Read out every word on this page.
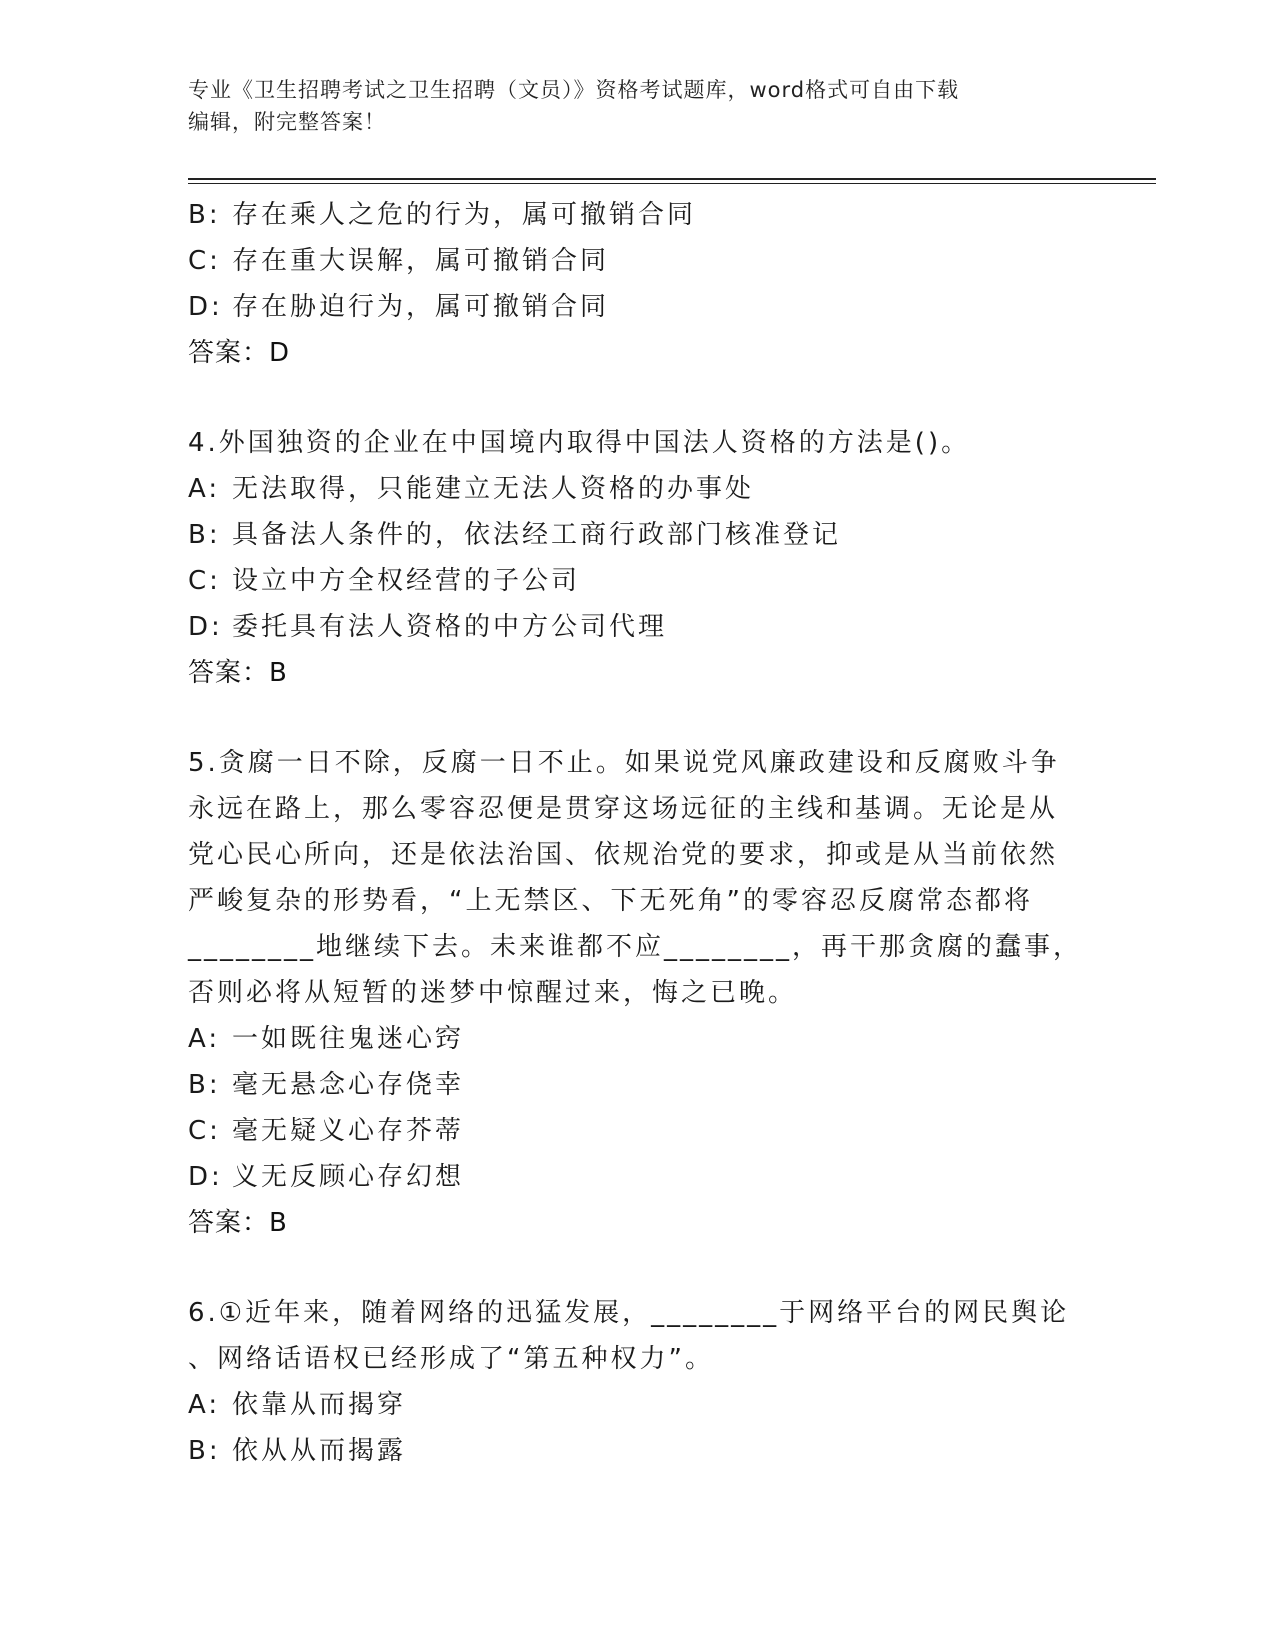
专业《卫生招聘考试之卫生招聘（文员）》资格考试题库，word格式可自由下载
编辑，附完整答案！
B: 存在乘人之危的行为，属可撤销合同
C: 存在重大误解，属可撤销合同
D: 存在胁迫行为，属可撤销合同
答案：D
4.外国独资的企业在中国境内取得中国法人资格的方法是()。
A: 无法取得，只能建立无法人资格的办事处
B: 具备法人条件的，依法经工商行政部门核准登记
C: 设立中方全权经营的子公司
D: 委托具有法人资格的中方公司代理
答案：B
5.贪腐一日不除，反腐一日不止。如果说党风廉政建设和反腐败斗争
永远在路上，那么零容忍便是贯穿这场远征的主线和基调。无论是从
党心民心所向，还是依法治国、依规治党的要求，抑或是从当前依然
严峻复杂的形势看，“上无禁区、下无死角”的零容忍反腐常态都将
________地继续下去。未来谁都不应________，再干那贪腐的蠢事，
否则必将从短暂的迷梦中惊醒过来，悔之已晚。
A: 一如既往鬼迷心窍
B: 毫无悬念心存侥幸
C: 毫无疑义心存芥蒂
D: 义无反顾心存幻想
答案：B
6.①近年来，随着网络的迅猛发展，________于网络平台的网民舆论
、网络话语权已经形成了“第五种权力”。
A: 依靠从而揭穿
B: 依从从而揭露
